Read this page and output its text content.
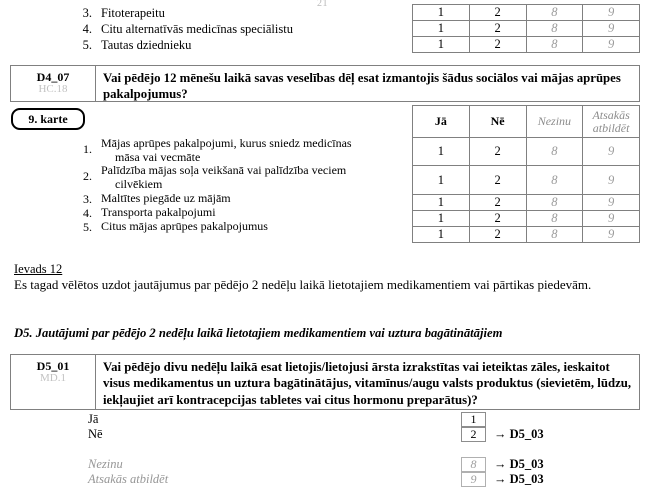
21
3. Fitoterapeitu
4. Citu alternatīvās medicīnas speciālistu
5. Tautas dziednieku
1	2	8	9
1	2	8	9
1	2	8	9
D4_07
HC.18
Vai pēdējo 12 mēnešu laikā savas veselības dēļ esat izmantojis šādus sociālos vai mājas aprūpes pakalpojumus?
9. karte
1. Mājas aprūpes pakalpojumi, kurus sniedz medicīnas
māsa vai vecmāte
2. Palīdzība mājas soļa veikšanā vai palīdzība veciem
cilvēkiem
3. Maltītes piegāde uz mājām
4. Transporta pakalpojumi
5. Citus mājas aprūpes pakalpojumus
Jā	Nē	Nezinu	Atsakās
atbildēt
1	2	8	9
1	2	8	9
1	2	8	9
1	2	8	9
1	2	8	9
Ievads 12
Es tagad vēlētos uzdot jautājumus par pēdējo 2 nedēļu laikā lietotajiem medikamentiem vai pārtikas piedevām.
D5. Jautājumi par pēdējo 2 nedēļu laikā lietotajiem medikamentiem vai uztura bagātinātājiem
D5_01
MD.1
Vai pēdējo divu nedēļu laikā esat lietojis/lietojusi ārsta izrakstītas vai ieteiktas zāles, ieskaitot visus medikamentus un uztura bagātinātājus, vitamīnus/augu valsts produktus (sievietēm, lūdzu, iekļaujiet arī kontracepcijas tabletes vai citus hormonu preparātus)?
Jā	1
Nē	2	→ D5_03
Nezinu	8	→ D5_03
Atsakās atbildēt	9	→ D5_03
